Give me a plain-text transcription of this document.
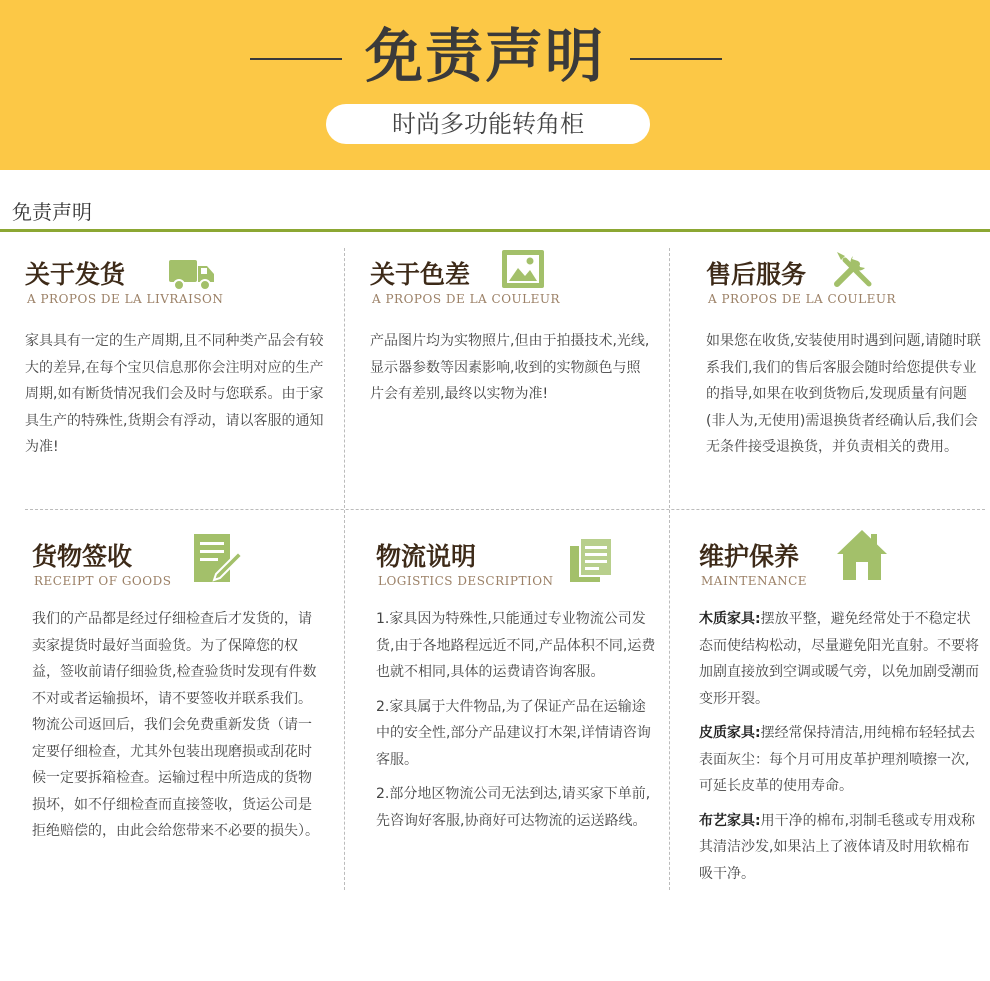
免责声明
时尚多功能转角柜
免责声明
关于发货
A PROPOS DE LA LIVRAISON

家具具有一定的生产周期,且不同种类产品会有较大的差异,在每个宝贝信息那你会注明对应的生产周期,如有断货情况我们会及时与您联系。由于家具生产的特殊性,货期会有浮动，请以客服的通知为准!

关于色差
A PROPOS DE LA COULEUR

产品图片均为实物照片,但由于拍摄技术,光线,显示器参数等因素影响,收到的实物颜色与照片会有差别,最终以实物为准!

售后服务
A PROPOS DE LA COULEUR

如果您在收货,安装使用时遇到问题,请随时联系我们,我们的售后客服会随时给您提供专业的指导,如果在收到货物后,发现质量有问题(非人为,无使用)需退换货者经确认后,我们会无条件接受退换货，并负责相关的费用。

货物签收
RECEIPT OF GOODS

我们的产品都是经过仔细检查后才发货的，请卖家提货时最好当面验货。为了保障您的权益，签收前请仔细验货,检查验货时发现有件数不对或者运输损坏，请不要签收并联系我们。物流公司返回后，我们会免费重新发货（请一定要仔细检查，尤其外包装出现磨损或刮花时候一定要拆箱检查。运输过程中所造成的货物损坏，如不仔细检查而直接签收，货运公司是拒绝赔偿的，由此会给您带来不必要的损失）。

物流说明
LOGISTICS DESCRIPTION

1.家具因为特殊性,只能通过专业物流公司发货,由于各地路程远近不同,产品体积不同,运费也就不相同,具体的运费请咨询客服。

2.家具属于大件物品,为了保证产品在运输途中的安全性,部分产品建议打木架,详情请咨询客服。

2.部分地区物流公司无法到达,请买家下单前,先咨询好客服,协商好可达物流的运送路线。

维护保养
MAINTENANCE

木质家具:摆放平整，避免经常处于不稳定状态而使结构松动，尽量避免阳光直射。不要将加剧直接放到空调或暖气旁，以免加剧受潮而变形开裂。

皮质家具:摆经常保持清洁,用纯棉布轻轻拭去表面灰尘：每个月可用皮革护理剂喷擦一次,可延长皮革的使用寿命。

布艺家具:用干净的棉布,羽制毛毯或专用戏称其清洁沙发,如果沾上了液体请及时用软棉布吸干净。
